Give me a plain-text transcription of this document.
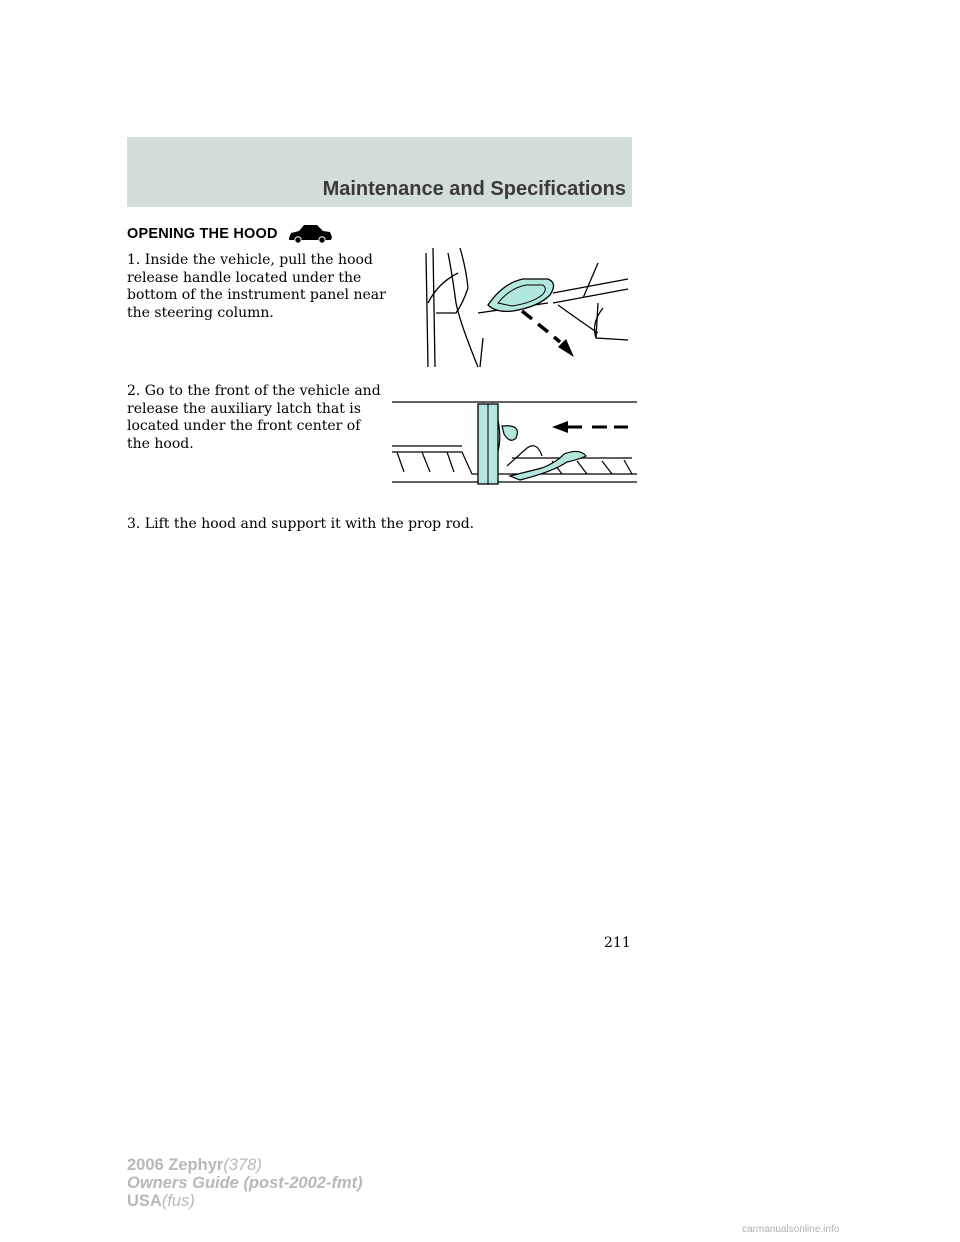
Maintenance and Specifications
OPENING THE HOOD
1. Inside the vehicle, pull the hood release handle located under the bottom of the instrument panel near the steering column.
2. Go to the front of the vehicle and release the auxiliary latch that is located under the front center of the hood.
3. Lift the hood and support it with the prop rod.
211
2006 Zephyr(378)
Owners Guide (post-2002-fmt)
USA(fus)
carmanualsonline.info
